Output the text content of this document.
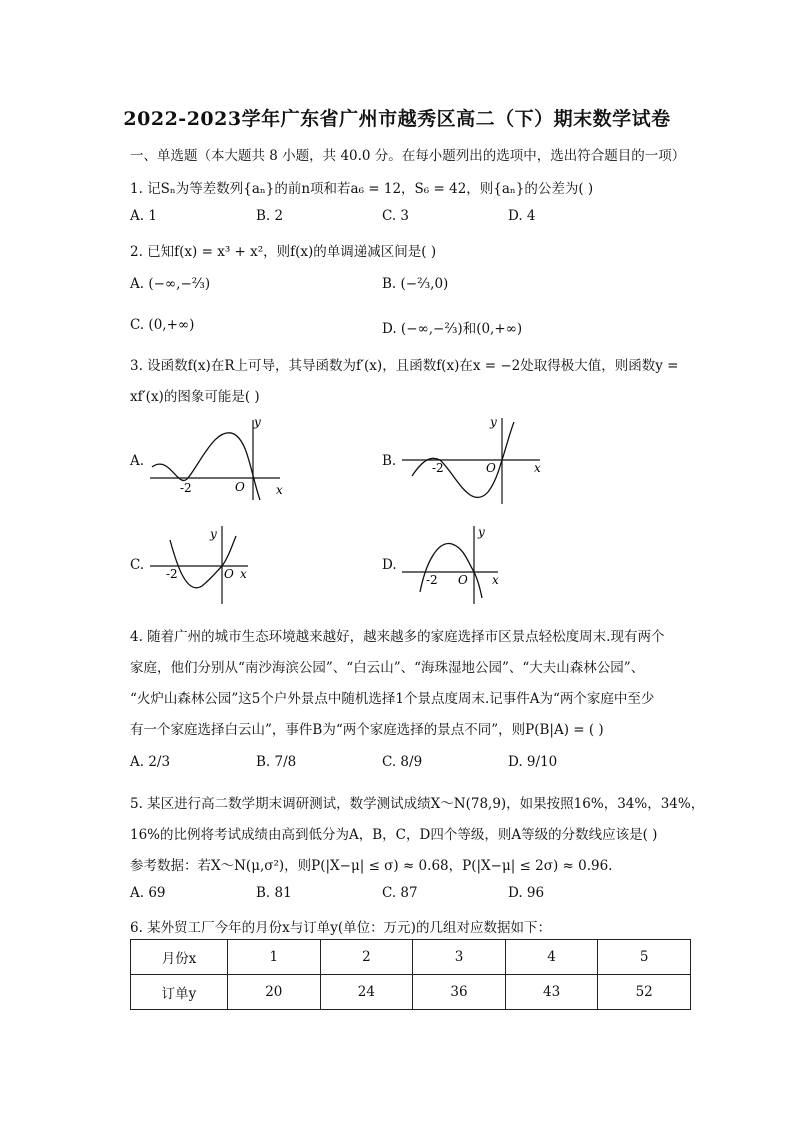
2022-2023学年广东省广州市越秀区高二（下）期末数学试卷
一、单选题（本大题共 8 小题，共 40.0 分。在每小题列出的选项中，选出符合题目的一项）
1. 记Sₙ为等差数列{aₙ}的前n项和若a₆ = 12，S₆ = 42，则{aₙ}的公差为( )
A. 1	B. 2	C. 3	D. 4
2. 已知f(x) = x³ + x²，则f(x)的单调递减区间是( )
A. (−∞,−⅔)	B. (−⅔,0)
C. (0,+∞)	D. (−∞,−⅔)和(0,+∞)
3. 设函数f(x)在R上可导，其导函数为f′(x)，且函数f(x)在x = −2处取得极大值，则函数y =
xf′(x)的图象可能是( )
A.
y
x
O
-2
B.
y
x
O
-2
C.
y
x
O
-2
D.
y
x
O
-2
4. 随着广州的城市生态环境越来越好，越来越多的家庭选择市区景点轻松度周末.现有两个
家庭，他们分别从“南沙海滨公园”、“白云山”、“海珠湿地公园”、“大夫山森林公园”、
“火炉山森林公园”这5个户外景点中随机选择1个景点度周末.记事件A为“两个家庭中至少
有一个家庭选择白云山”，事件B为“两个家庭选择的景点不同”，则P(B|A) = ( )
A. 2/3	B. 7/8	C. 8/9	D. 9/10
5. 某区进行高二数学期末调研测试，数学测试成绩X～N(78,9)，如果按照16%，34%，34%，
16%的比例将考试成绩由高到低分为A，B，C，D四个等级，则A等级的分数线应该是( )
参考数据：若X～N(μ,σ²)，则P(|X−μ| ≤ σ) ≈ 0.68，P(|X−μ| ≤ 2σ) ≈ 0.96.
A. 69	B. 81	C. 87	D. 96
6. 某外贸工厂今年的月份x与订单y(单位：万元)的几组对应数据如下：
月份x	1	2	3	4	5
订单y	20	24	36	43	52
